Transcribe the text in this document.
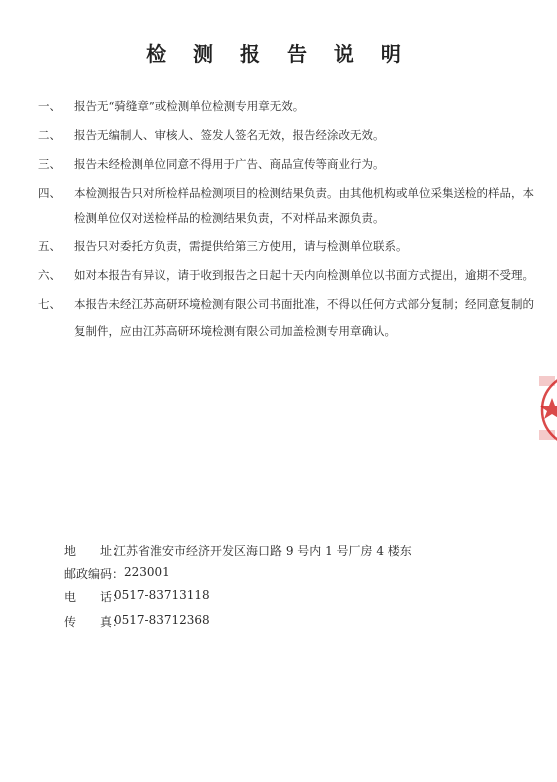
检 测 报 告 说 明
一、 报告无“骑缝章”或检测单位检测专用章无效。
二、 报告无编制人、审核人、签发人签名无效，报告经涂改无效。
三、 报告未经检测单位同意不得用于广告、商品宣传等商业行为。
四、 本检测报告只对所检样品检测项目的检测结果负责。由其他机构或单位采集送检的样品，本
检测单位仅对送检样品的检测结果负责，不对样品来源负责。
五、 报告只对委托方负责，需提供给第三方使用，请与检测单位联系。
六、 如对本报告有异议，请于收到报告之日起十天内向检测单位以书面方式提出，逾期不受理。
七、 本报告未经江苏高研环境检测有限公司书面批准，不得以任何方式部分复制；经同意复制的
复制件，应由江苏高研环境检测有限公司加盖检测专用章确认。
地　　址：
江苏省淮安市经济开发区海口路 9 号内 1 号厂房 4 楼东
邮政编码： 223001
电　　话：
0517-83713118
传　　真：
0517-83712368
